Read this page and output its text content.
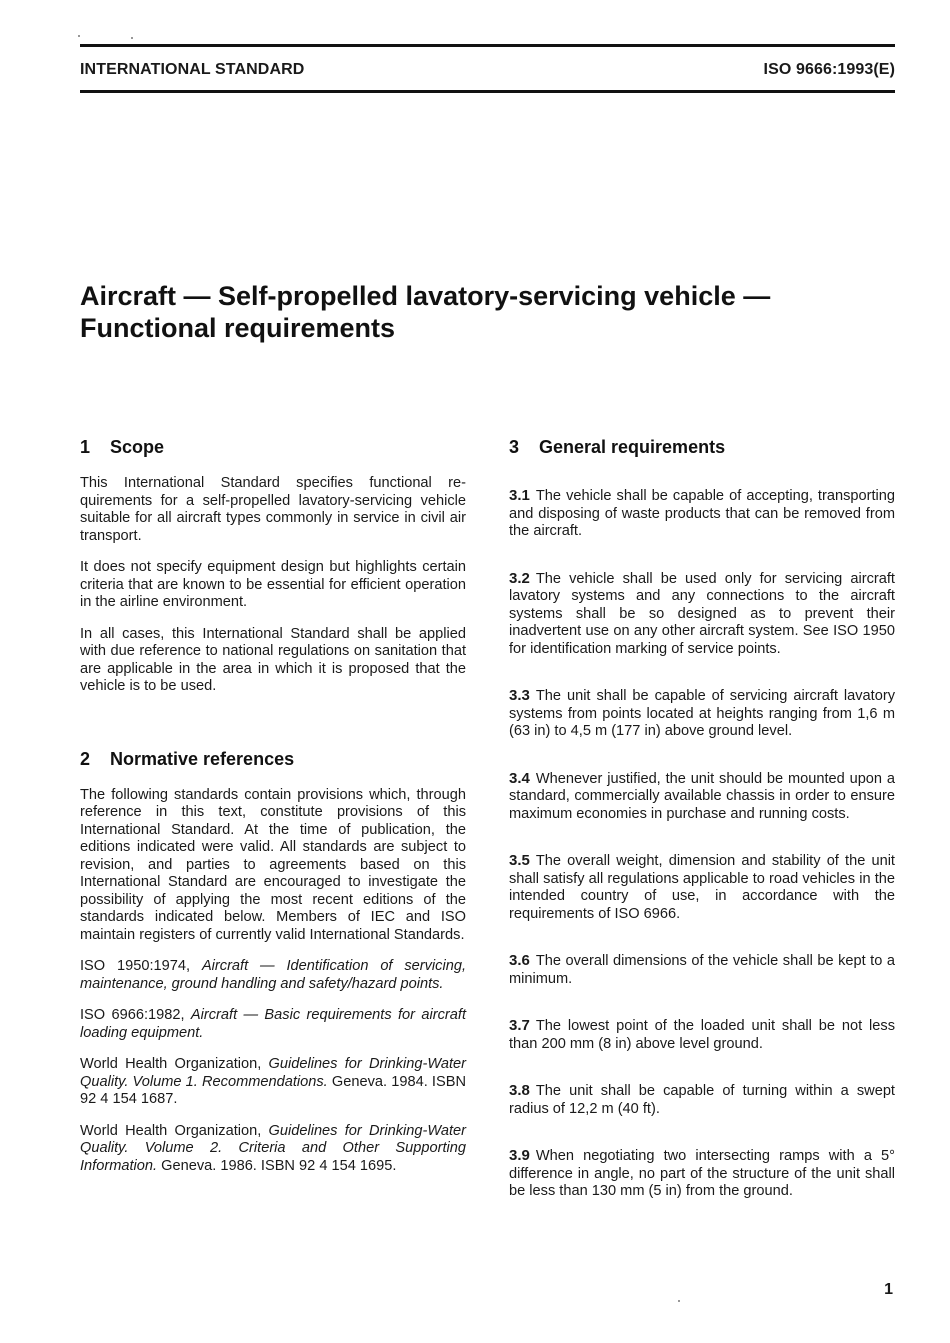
INTERNATIONAL STANDARD	ISO 9666:1993(E)
Aircraft — Self-propelled lavatory-servicing vehicle —
Functional requirements
1 Scope

This International Standard specifies functional requirements for a self-propelled lavatory-servicing vehicle suitable for all aircraft types commonly in service in civil air transport.

It does not specify equipment design but highlights certain criteria that are known to be essential for efficient operation in the airline environment.

In all cases, this International Standard shall be applied with due reference to national regulations on sanitation that are applicable in the area in which it is proposed that the vehicle is to be used.

2 Normative references

The following standards contain provisions which, through reference in this text, constitute provisions of this International Standard. At the time of publication, the editions indicated were valid. All standards are subject to revision, and parties to agreements based on this International Standard are encouraged to investigate the possibility of applying the most recent editions of the standards indicated below. Members of IEC and ISO maintain registers of currently valid International Standards.

ISO 1950:1974, Aircraft — Identification of servicing, maintenance, ground handling and safety/hazard points.

ISO 6966:1982, Aircraft — Basic requirements for aircraft loading equipment.

World Health Organization, Guidelines for Drinking-Water Quality. Volume 1. Recommendations. Geneva. 1984. ISBN 92 4 154 1687.

World Health Organization, Guidelines for Drinking-Water Quality. Volume 2. Criteria and Other Supporting Information. Geneva. 1986. ISBN 92 4 154 1695.

3 General requirements

3.1 The vehicle shall be capable of accepting, transporting and disposing of waste products that can be removed from the aircraft.

3.2 The vehicle shall be used only for servicing aircraft lavatory systems and any connections to the aircraft systems shall be so designed as to prevent their inadvertent use on any other aircraft system. See ISO 1950 for identification marking of service points.

3.3 The unit shall be capable of servicing aircraft lavatory systems from points located at heights ranging from 1,6 m (63 in) to 4,5 m (177 in) above ground level.

3.4 Whenever justified, the unit should be mounted upon a standard, commercially available chassis in order to ensure maximum economies in purchase and running costs.

3.5 The overall weight, dimension and stability of the unit shall satisfy all regulations applicable to road vehicles in the intended country of use, in accordance with the requirements of ISO 6966.

3.6 The overall dimensions of the vehicle shall be kept to a minimum.

3.7 The lowest point of the loaded unit shall be not less than 200 mm (8 in) above level ground.

3.8 The unit shall be capable of turning within a swept radius of 12,2 m (40 ft).

3.9 When negotiating two intersecting ramps with a 5° difference in angle, no part of the structure of the unit shall be less than 130 mm (5 in) from the ground.

1
